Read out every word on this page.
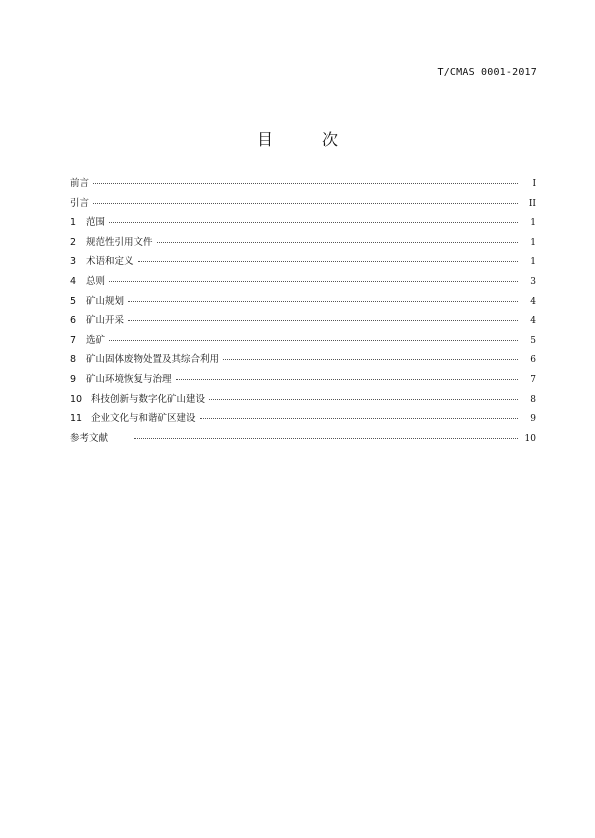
T/CMAS 0001-2017
目 次
前言	I
引言	II
1	范围	1
2	规范性引用文件	1
3	术语和定义	1
4	总则	3
5	矿山规划	4
6	矿山开采	4
7	选矿	5
8	矿山固体废物处置及其综合利用	6
9	矿山环境恢复与治理	7
10 科技创新与数字化矿山建设	8
11 企业文化与和谐矿区建设	9
参考文献	10
